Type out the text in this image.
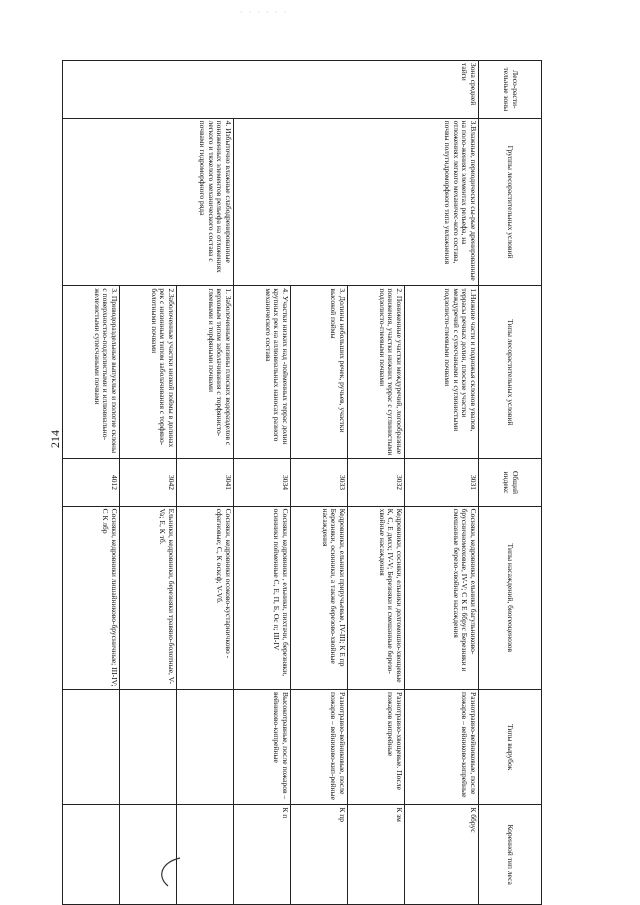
· · · · · ·
214
Лесо-расти-тельные зоны	Группы лесорастительных условий	Типы лесорастительных условий	Общий индекс	Типы насаждений, биогеоценозов	Типы вырубок	Коренной тип леса
Зона средней тайги	3.Влажные, периодически сы-рые дренированные на поло-жениях элементах рельефа, на отложениях легкого механичес-кого состава, почвы полугидроморфного типа увлажнения	1.Нижние части и подножья склонов увалов, террасы речных долин, плоские участки междуречий с супесчаными и суглинистыми подзолисто-глеевыми почвами	3031	Сосняки, кедровники, ельники багульниково-брусничномоховые, IV-V; С К Е ббрус Березняки и смешанные березо-хвойные насаждения	Разнотравно-вейниковые, после пожаров – вейниково-кипрейные	К ббрус
		2. Пониженные участки междуречий, логообразные понижения, участки нижних террас с суглинистыми подзолисто-глеевыми почвами	3032	Кедровники, сосняки, ельники долгомошно-хвощевые К, С, Е дмхх; IV-V; Березняки и смешанные березо-хвойные насаждения	Разнотравно-хвощевые. После пожаров кипрейные	К зм
		3. Долины небольших речек, ручьев, участки высокой поймы	3033	Кедровники, ельники приручьевые, IV-III; К Е пр Березняки, осинники, а также березово-хвойные насаждения	Разнотравно-вейниковые, после пожаров – вейниково-кип-рейные	К пр
		4. Участки низких над -пойменных террас долин крупных рек на аллювиальных наносах разного механического состава	3034	Сосняки, кедровники , ельники, пихтачи, березняки, осинники пойменные С, Е, П, Б, Ос п; III-IV	Высокотравные, после пожаров – вейниково-кипрейные	К п
	4. Избыточно влажные слабодренированные пониженных элементов рельефа на отложениях легкого и тяжелого механического состава с почвами гидроморфного ряда	1. Заболоченные низины плоских водоразделов с верховым типом заболачивания с торфянисто-глеевыми и торфяными почвами	3041	Сосняки, кедровники осоково-кустарничково - сфагновые; С, К осксф; V-Vб.		
		2.Заболоченные участки низкой поймы в долинах рек с низинным типом заболачивания с торфяно-болотными почвами	3042	Ельники, кедровники, березняки травяно-болотные, V-Va; Е, К тб.		
		3. Приводораздельные выпуклые и пологие склоны с поверхностно-подзолистыми и иллювиально-железистыми супесчаными почвами	4012	Сосняки, кедровники лишайниково-брусничные; III-IV; С К лбр		
